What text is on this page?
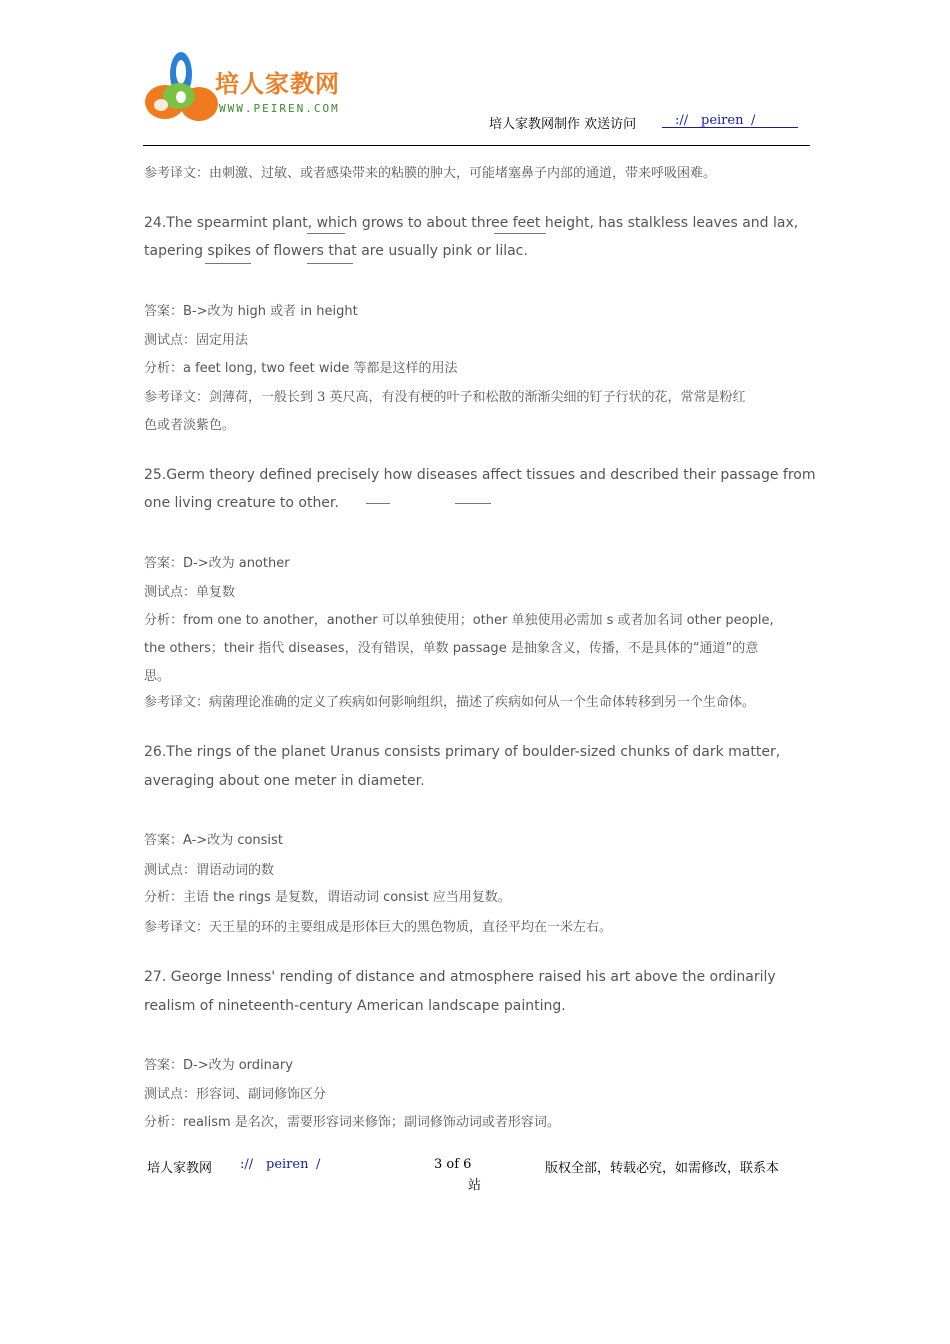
培人家教网
WWW.PEIREN.COM
培人家教网制作 欢送访问	:// peiren /
参考译文：由刺激、过敏、或者感染带来的粘膜的肿大，可能堵塞鼻子内部的通道，带来呼吸困难。
24.The spearmint plant, which grows to about three feet height, has stalkless leaves and lax,
tapering spikes of flowers that are usually pink or lilac.
答案：B->改为 high 或者 in height
测试点：固定用法
分析：a feet long, two feet wide 等都是这样的用法
参考译文：剑薄荷，一般长到 3 英尺高，有没有梗的叶子和松散的渐渐尖细的钉子行状的花，常常是粉红
色或者淡紫色。
25.Germ theory defined precisely how diseases affect tissues and described their passage from
one living creature to other.
答案：D->改为 another
测试点：单复数
分析：from one to another，another 可以单独使用；other 单独使用必需加 s 或者加名词 other people,
the others；their 指代 diseases，没有错误，单数 passage 是抽象含义，传播，不是具体的“通道”的意
思。
参考译文：病菌理论准确的定义了疾病如何影响组织，描述了疾病如何从一个生命体转移到另一个生命体。
26.The rings of the planet Uranus consists primary of boulder-sized chunks of dark matter,
averaging about one meter in diameter.
答案：A->改为 consist
测试点：谓语动词的数
分析：主语 the rings 是复数，谓语动词 consist 应当用复数。
参考译文：天王星的环的主要组成是形体巨大的黑色物质，直径平均在一米左右。
27. George Inness' rending of distance and atmosphere raised his art above the ordinarily
realism of nineteenth-century American landscape painting.
答案：D->改为 ordinary
测试点：形容词、副词修饰区分
分析：realism 是名次，需要形容词来修饰；副词修饰动词或者形容词。
培人家教网 :// peiren /	3 of 6
站
版权全部，转载必究，如需修改，联系本
